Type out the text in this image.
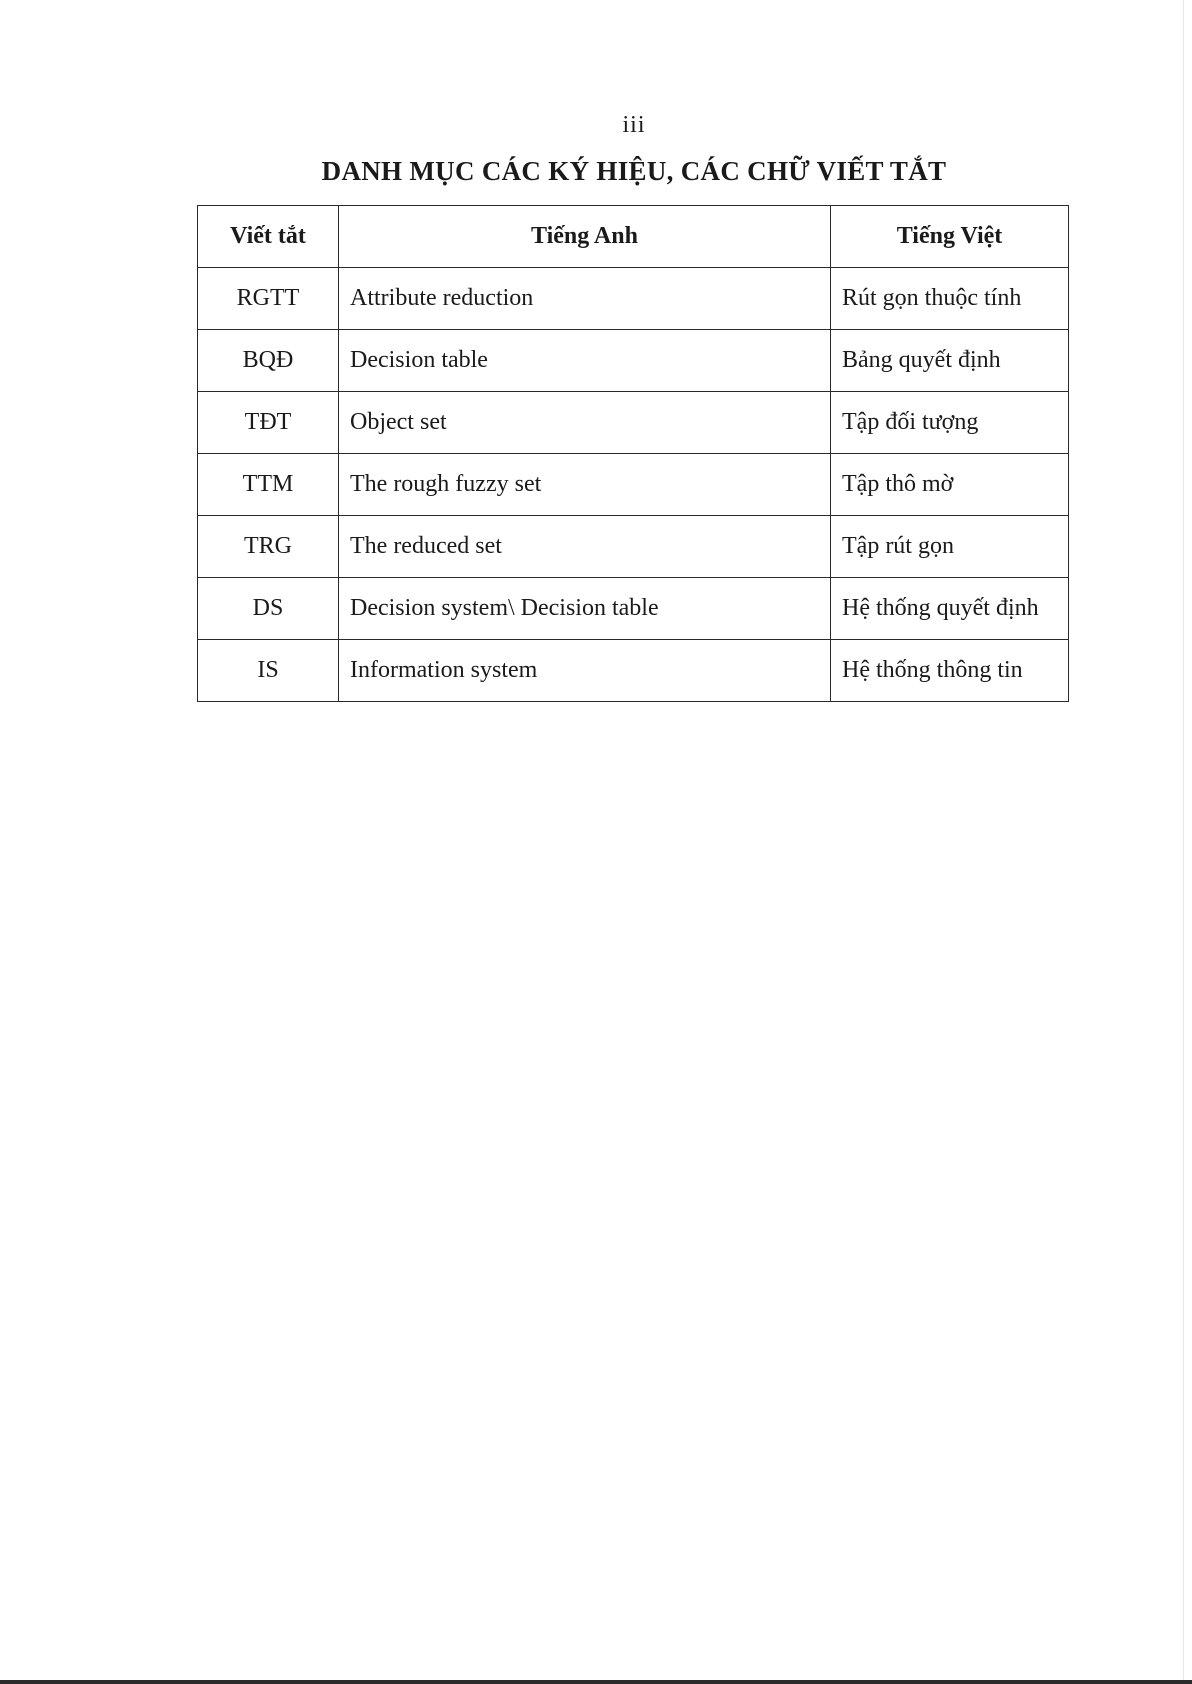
iii
DANH MỤC CÁC KÝ HIỆU, CÁC CHỮ VIẾT TẮT
Viết tắt	Tiếng Anh	Tiếng Việt
RGTT	Attribute reduction	Rút gọn thuộc tính
BQĐ	Decision table	Bảng quyết định
TĐT	Object set	Tập đối tượng
TTM	The rough fuzzy set	Tập thô mờ
TRG	The reduced set	Tập rút gọn
DS	Decision system\ Decision table	Hệ thống quyết định
IS	Information system	Hệ thống thông tin
